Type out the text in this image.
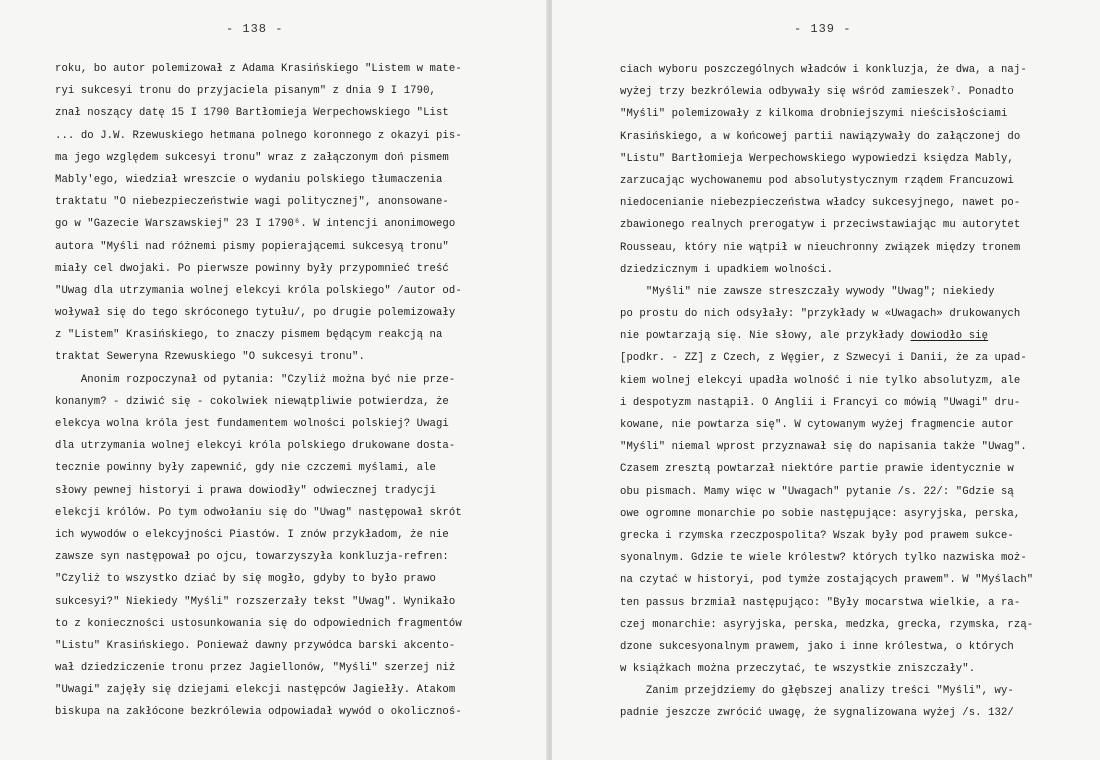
- 138 -
roku, bo autor polemizował z Adama Krasińskiego "Listem w mate-
ryi sukcesyi tronu do przyjaciela pisanym" z dnia 9 I 1790,
znał noszący datę 15 I 1790 Bartłomieja Werpechowskiego "List
... do J.W. Rzewuskiego hetmana polnego koronnego z okazyi pis-
ma jego względem sukcesyi tronu" wraz z załączonym doń pismem
Mably'ego, wiedział wreszcie o wydaniu polskiego tłumaczenia
traktatu "O niebezpieczeństwie wagi politycznej", anonsowane-
go w "Gazecie Warszawskiej" 23 I 1790⁶. W intencji anonimowego
autora "Myśli nad różnemi pismy popierającemi sukcesyą tronu"
miały cel dwojaki. Po pierwsze powinny były przypomnieć treść
"Uwag dla utrzymania wolnej elekcyi króla polskiego" /autor od-
woływał się do tego skróconego tytułu/, po drugie polemizowały
z "Listem" Krasińskiego, to znaczy pismem będącym reakcją na
traktat Seweryna Rzewuskiego "O sukcesyi tronu".
Anonim rozpoczynał od pytania: "Czyliż można być nie prze-
konanym? - dziwić się - cokolwiek niewątpliwie potwierdza, że
elekcya wolna króla jest fundamentem wolności polskiej? Uwagi
dla utrzymania wolnej elekcyi króla polskiego drukowane dosta-
tecznie powinny były zapewnić, gdy nie czczemi myślami, ale
słowy pewnej historyi i prawa dowiodły" odwiecznej tradycji
elekcji królów. Po tym odwołaniu się do "Uwag" następował skrót
ich wywodów o elekcyjności Piastów. I znów przykładom, że nie
zawsze syn następował po ojcu, towarzyszyła konkluzja-refren:
"Czyliż to wszystko dziać by się mogło, gdyby to było prawo
sukcesyi?" Niekiedy "Myśli" rozszerzały tekst "Uwag". Wynikało
to z konieczności ustosunkowania się do odpowiednich fragmentów
"Listu" Krasińskiego. Ponieważ dawny przywódca barski akcento-
wał dziedziczenie tronu przez Jagiellonów, "Myśli" szerzej niż
"Uwagi" zajęły się dziejami elekcji następców Jagiełły. Atakom
biskupa na zakłócone bezkrólewia odpowiadał wywód o okolicznoś-
- 139 -
ciach wyboru poszczególnych władców i konkluzja, że dwa, a naj-
wyżej trzy bezkrólewia odbywały się wśród zamieszek⁷. Ponadto
"Myśli" polemizowały z kilkoma drobniejszymi nieścisłościami
Krasińskiego, a w końcowej partii nawiązywały do załączonej do
"Listu" Bartłomieja Werpechowskiego wypowiedzi księdza Mably,
zarzucając wychowanemu pod absolutystycznym rządem Francuzowi
niedocenianie niebezpieczeństwa władcy sukcesyjnego, nawet po-
zbawionego realnych prerogatyw i przeciwstawiając mu autorytet
Rousseau, który nie wątpił w nieuchronny związek między tronem
dziedzicznym i upadkiem wolności.
"Myśli" nie zawsze streszczały wywody "Uwag"; niekiedy
po prostu do nich odsyłały: "przykłady w «Uwagach» drukowanych
nie powtarzają się. Nie słowy, ale przykłady dowiodło się
[podkr. - ZZ] z Czech, z Węgier, z Szwecyi i Danii, że za upad-
kiem wolnej elekcyi upadła wolność i nie tylko absolutyzm, ale
i despotyzm nastąpił. O Anglii i Francyi co mówią "Uwagi" dru-
kowane, nie powtarza się". W cytowanym wyżej fragmencie autor
"Myśli" niemal wprost przyznawał się do napisania także "Uwag".
Czasem zresztą powtarzał niektóre partie prawie identycznie w
obu pismach. Mamy więc w "Uwagach" pytanie /s. 22/: "Gdzie są
owe ogromne monarchie po sobie następujące: asyryjska, perska,
grecka i rzymska rzeczpospolita? Wszak były pod prawem sukce-
syonalnym. Gdzie te wiele królestw? których tylko nazwiska moż-
na czytać w historyi, pod tymże zostających prawem". W "Myślach"
ten passus brzmiał następująco: "Były mocarstwa wielkie, a ra-
czej monarchie: asyryjska, perska, medzka, grecka, rzymska, rzą-
dzone sukcesyonalnym prawem, jako i inne królestwa, o których
w książkach można przeczytać, te wszystkie zniszczały".
Zanim przejdziemy do głębszej analizy treści "Myśli", wy-
padnie jeszcze zwrócić uwagę, że sygnalizowana wyżej /s. 132/
